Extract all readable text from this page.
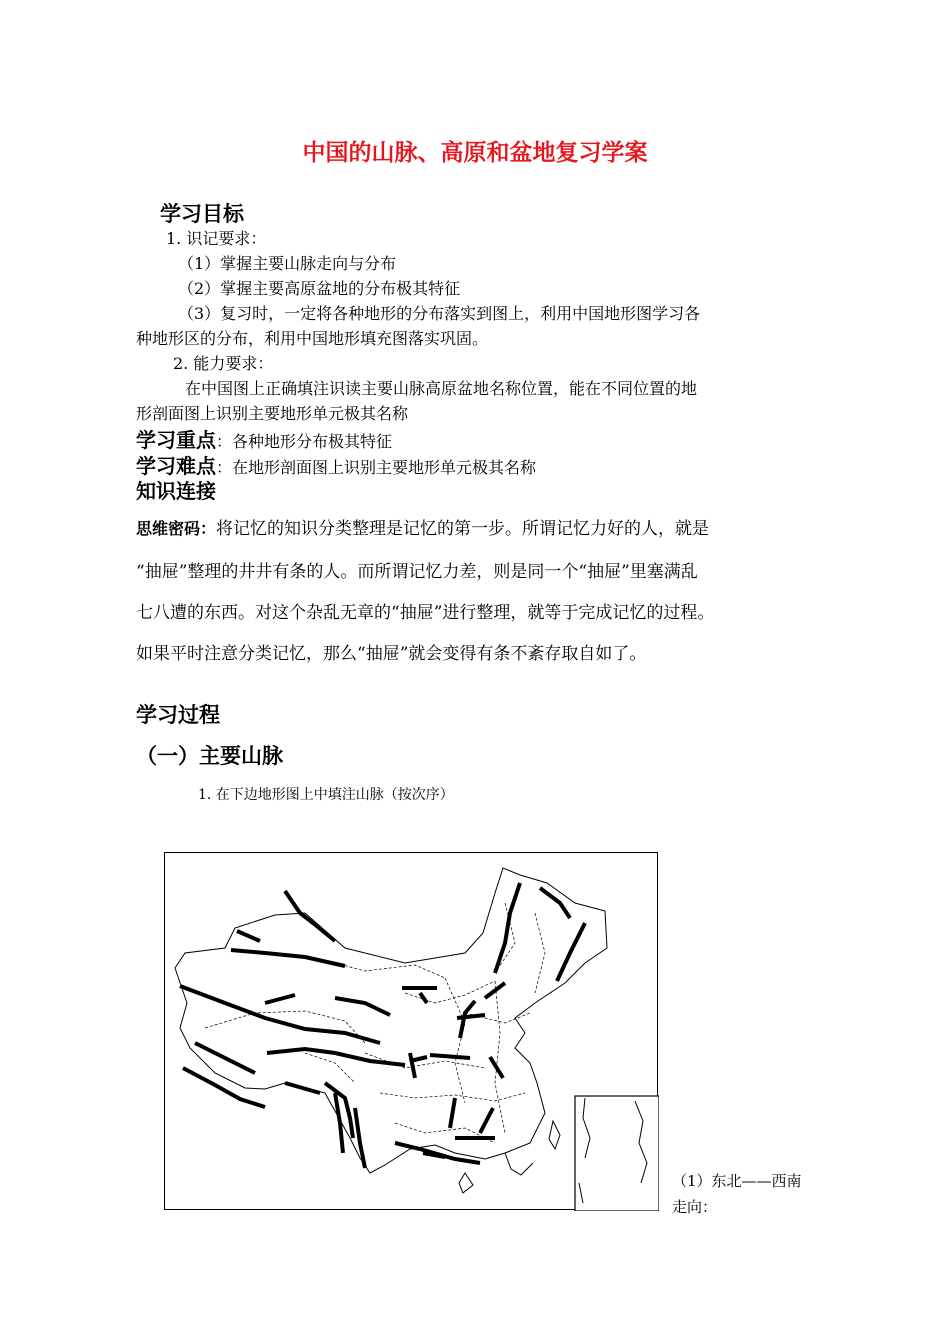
中国的山脉、高原和盆地复习学案
学习目标
1. 识记要求：
（1）掌握主要山脉走向与分布
（2）掌握主要高原盆地的分布极其特征
（3）复习时，一定将各种地形的分布落实到图上，利用中国地形图学习各
种地形区的分布，利用中国地形填充图落实巩固。
2. 能力要求：
在中国图上正确填注识读主要山脉高原盆地名称位置，能在不同位置的地
形剖面图上识别主要地形单元极其名称
学习重点：各种地形分布极其特征
学习难点：在地形剖面图上识别主要地形单元极其名称
知识连接
思维密码：将记忆的知识分类整理是记忆的第一步。所谓记忆力好的人，就是
“抽屉”整理的井井有条的人。而所谓记忆力差，则是同一个“抽屉”里塞满乱
七八遭的东西。对这个杂乱无章的“抽屉”进行整理，就等于完成记忆的过程。
如果平时注意分类记忆，那么“抽屉”就会变得有条不紊存取自如了。
学习过程
（一）主要山脉
1. 在下边地形图上中填注山脉（按次序）
（1）东北——西南走向：
